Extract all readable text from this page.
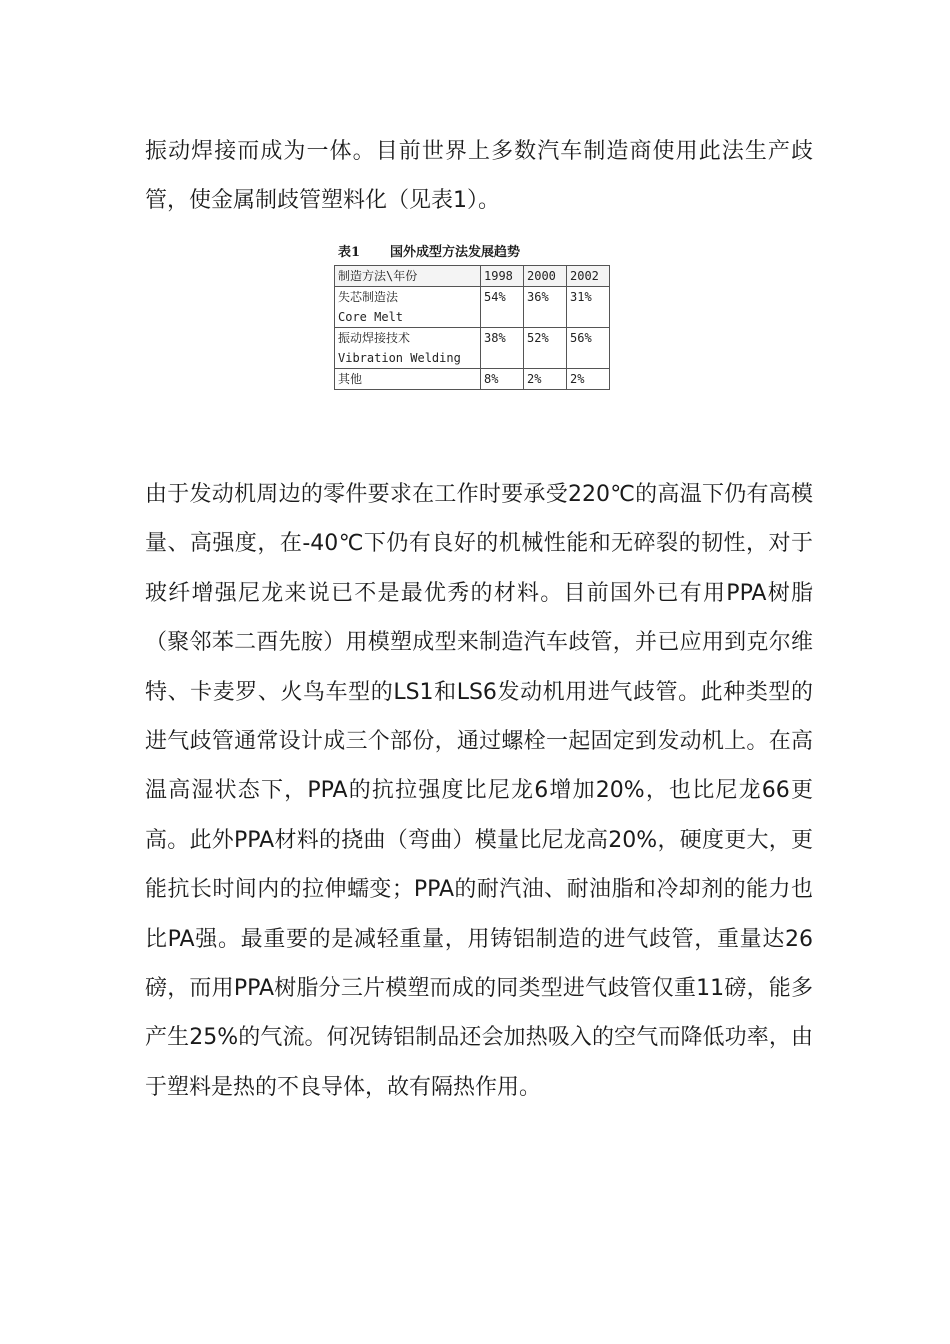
振动焊接而成为一体。目前世界上多数汽车制造商使用此法生产歧管，使金属制歧管塑料化（见表1）。

表1 国外成型方法发展趋势
制造方法\年份	1998	2000	2002

失芯制造法
Core Melt	54%	36%	31%

振动焊接技术
Vibration Welding	38%	52%	56%

其他	8%	2%	2%

由于发动机周边的零件要求在工作时要承受220℃的高温下仍有高模量、高强度，在-40℃下仍有良好的机械性能和无碎裂的韧性，对于玻纤增强尼龙来说已不是最优秀的材料。目前国外已有用PPA树脂（聚邻苯二酉先胺）用模塑成型来制造汽车歧管，并已应用到克尔维特、卡麦罗、火鸟车型的LS1和LS6发动机用进气歧管。此种类型的进气歧管通常设计成三个部份，通过螺栓一起固定到发动机上。在高温高湿状态下，PPA的抗拉强度比尼龙6增加20%，也比尼龙66更高。此外PPA材料的挠曲（弯曲）模量比尼龙高20%，硬度更大，更能抗长时间内的拉伸蠕变；PPA的耐汽油、耐油脂和冷却剂的能力也比PA强。最重要的是减轻重量，用铸铝制造的进气歧管，重量达26磅，而用PPA树脂分三片模塑而成的同类型进气歧管仅重11磅，能多产生25%的气流。何况铸铝制品还会加热吸入的空气而降低功率，由于塑料是热的不良导体，故有隔热作用。
